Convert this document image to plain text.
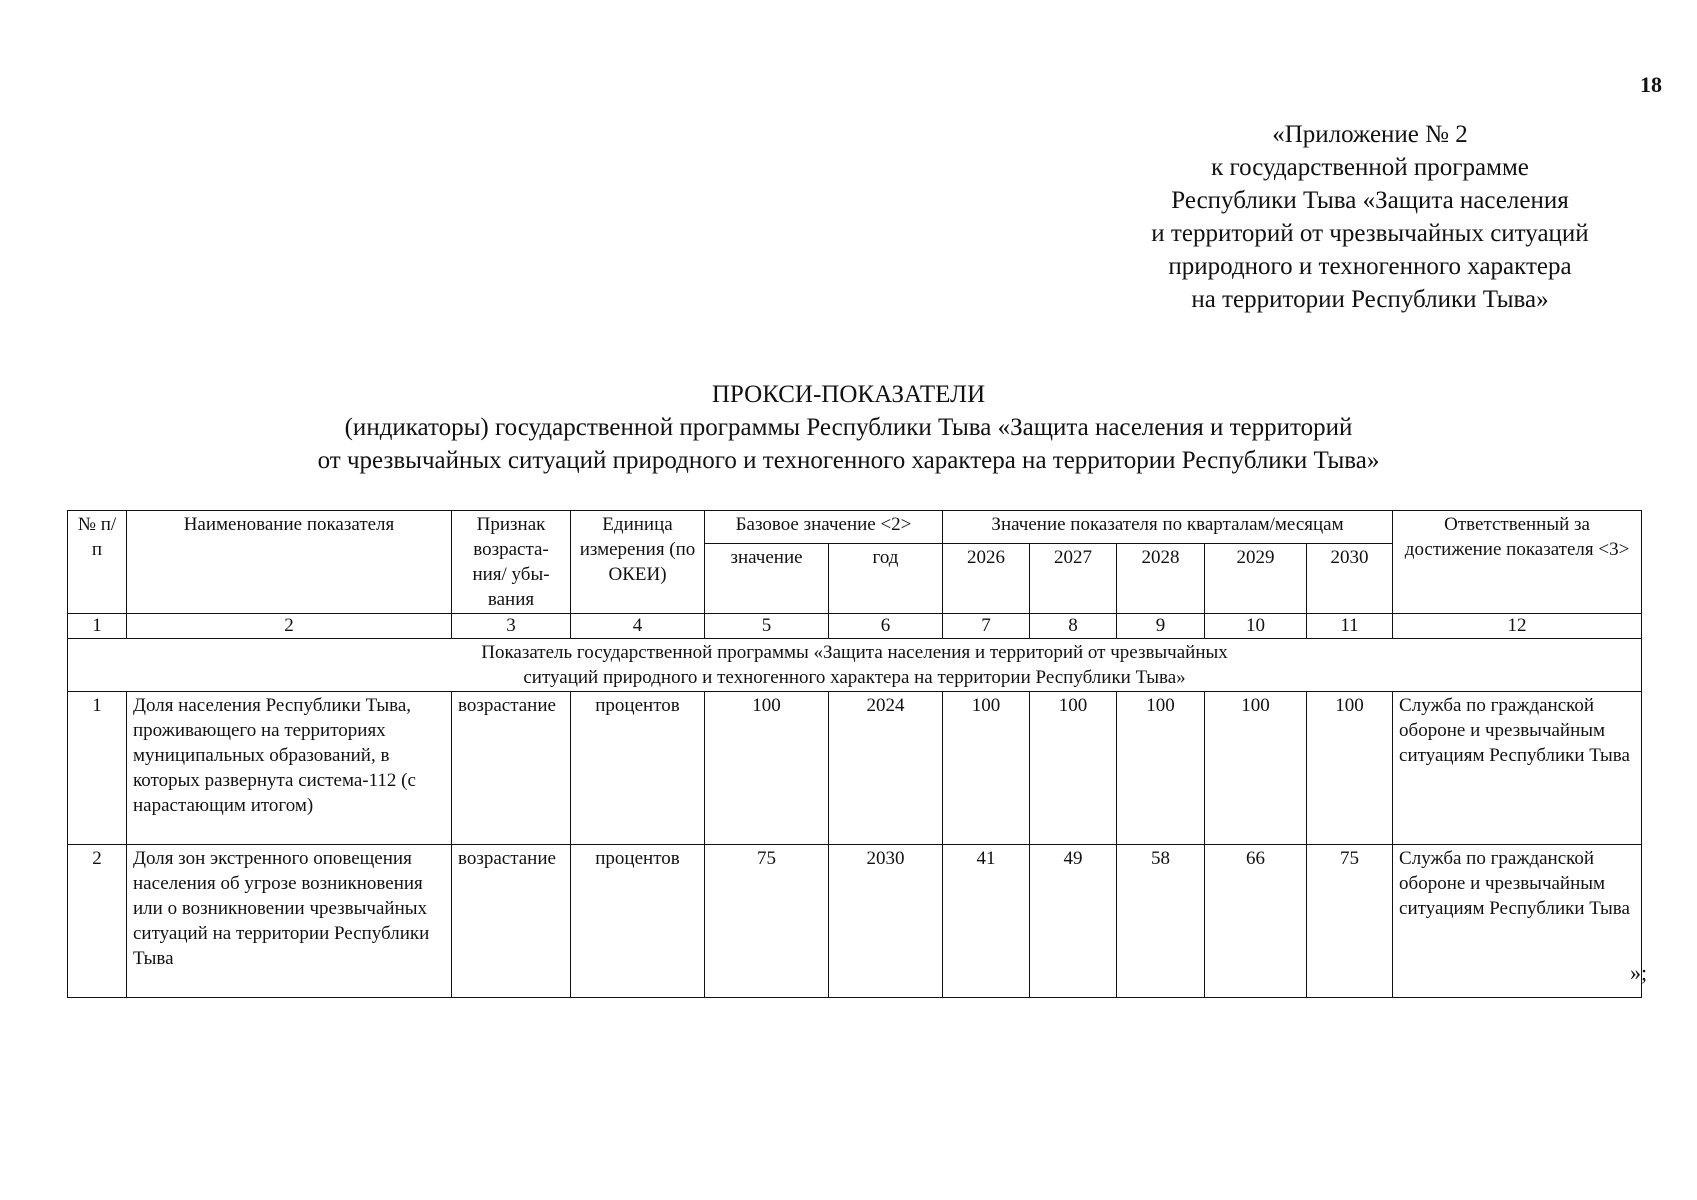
18
«Приложение № 2
к государственной программе
Республики Тыва «Защита населения
и территорий от чрезвычайных ситуаций
природного и техногенного характера
на территории Республики Тыва»
ПРОКСИ-ПОКАЗАТЕЛИ
(индикаторы) государственной программы Республики Тыва «Защита населения и территорий
от чрезвычайных ситуаций природного и техногенного характера на территории Республики Тыва»
№ п/п	Наименование показателя	Признак возраста-ния/ убы-вания	Единица измерения (по ОКЕИ)	Базовое значение <2>		Значение показателя по кварталам/месяцам					Ответственный за достижение показателя <3>
				значение	год	2026	2027	2028	2029	2030	
1	2	3	4	5	6	7	8	9	10	11	12

Показатель государственной программы «Защита населения и территорий от чрезвычайных
ситуаций природного и техногенного характера на территории Республики Тыва»											

1	Доля населения Республики Тыва, проживающего на территориях муниципальных образований, в которых развернута система-112 (с нарастающим итогом)	возрастание	процентов	100	2024	100	100	100	100	100	Служба по гражданской обороне и чрезвычайным ситуациям Республики Тыва
2	Доля зон экстренного оповещения населения об угрозе возникновения или о возникновении чрезвычайных ситуаций на территории Республики Тыва	возрастание	процентов	75	2030	41	49	58	66	75	Служба по гражданской обороне и чрезвычайным ситуациям Республики Тыва
»;
